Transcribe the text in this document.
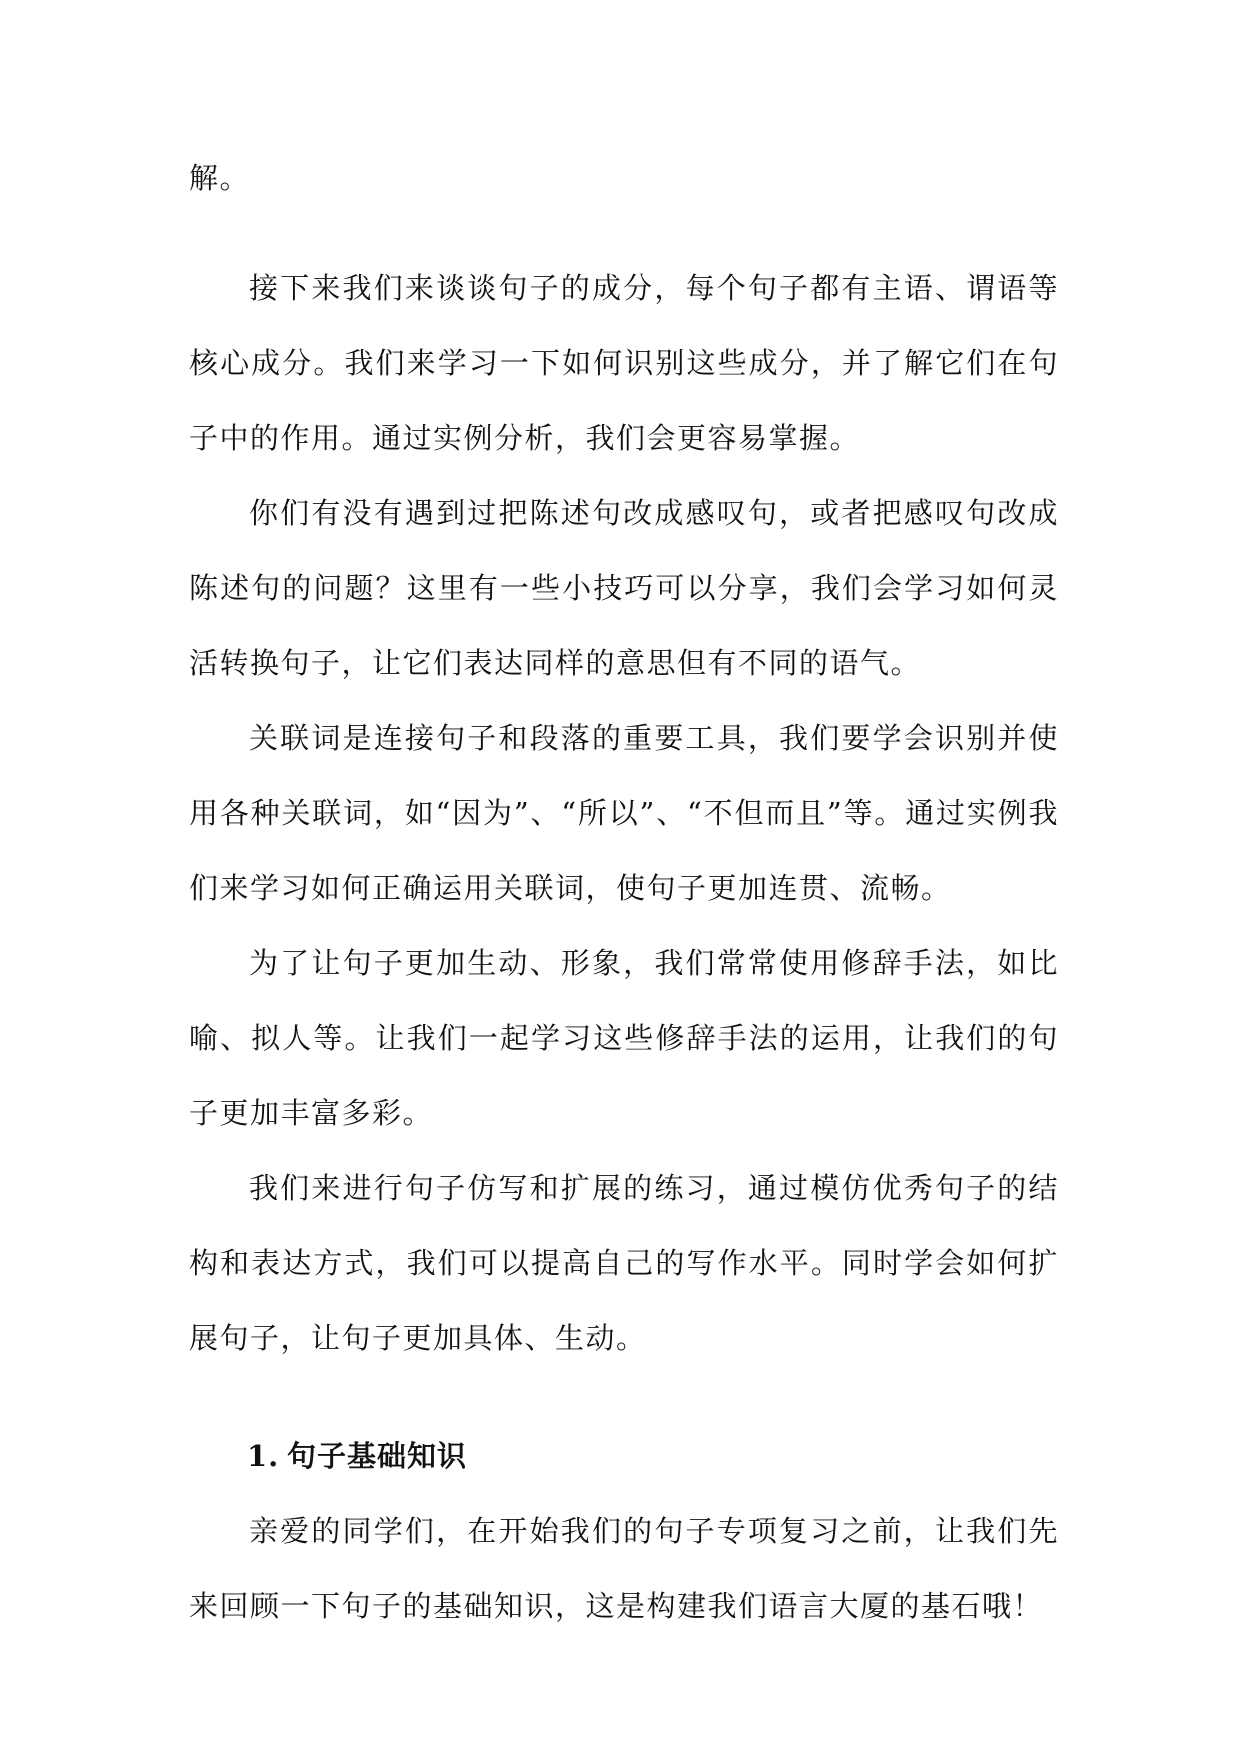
解。

接下来我们来谈谈句子的成分，每个句子都有主语、谓语等核心成分。我们来学习一下如何识别这些成分，并了解它们在句子中的作用。通过实例分析，我们会更容易掌握。

你们有没有遇到过把陈述句改成感叹句，或者把感叹句改成陈述句的问题？这里有一些小技巧可以分享，我们会学习如何灵活转换句子，让它们表达同样的意思但有不同的语气。

关联词是连接句子和段落的重要工具，我们要学会识别并使用各种关联词，如“因为”、“所以”、“不但而且”等。通过实例我们来学习如何正确运用关联词，使句子更加连贯、流畅。

为了让句子更加生动、形象，我们常常使用修辞手法，如比喻、拟人等。让我们一起学习这些修辞手法的运用，让我们的句子更加丰富多彩。

我们来进行句子仿写和扩展的练习，通过模仿优秀句子的结构和表达方式，我们可以提高自己的写作水平。同时学会如何扩展句子，让句子更加具体、生动。

1. 句子基础知识

亲爱的同学们，在开始我们的句子专项复习之前，让我们先来回顾一下句子的基础知识，这是构建我们语言大厦的基石哦！
